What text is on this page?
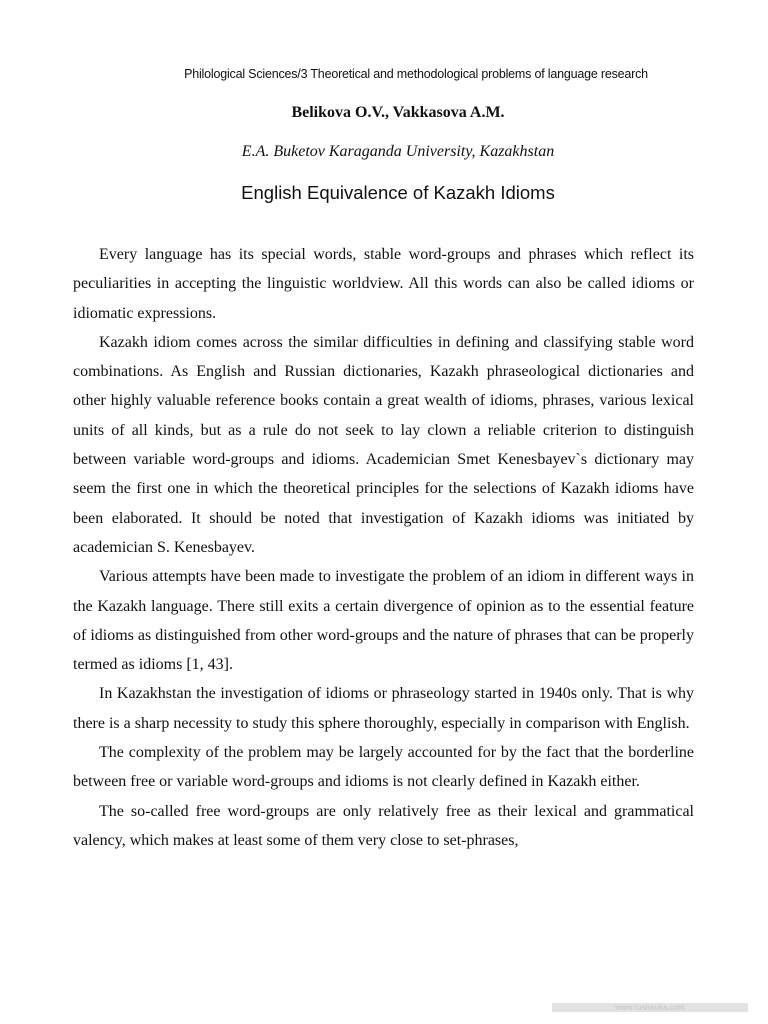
Philological Sciences/3 Theoretical and methodological problems of language research
Belikova O.V., Vakkasova A.M.
E.A. Buketov Karaganda University, Kazakhstan
English Equivalence of Kazakh Idioms

Every language has its special words, stable word-groups and phrases which reflect its peculiarities in accepting the linguistic worldview. All this words can also be called idioms or idiomatic expressions.

Kazakh idiom comes across the similar difficulties in defining and classifying stable word combinations. As English and Russian dictionaries, Kazakh phraseological dictionaries and other highly valuable reference books contain a great wealth of idioms, phrases, various lexical units of all kinds, but as a rule do not seek to lay clown a reliable criterion to distinguish between variable word-groups and idioms. Academician Smet Kenesbayev`s dictionary may seem the first one in which the theoretical principles for the selections of Kazakh idioms have been elaborated. It should be noted that investigation of Kazakh idioms was initiated by academician S. Kenesbayev.

Various attempts have been made to investigate the problem of an idiom in different ways in the Kazakh language. There still exits a certain divergence of opinion as to the essential feature of idioms as distinguished from other word-groups and the nature of phrases that can be properly termed as idioms [1, 43].

In Kazakhstan the investigation of idioms or phraseology started in 1940s only. That is why there is a sharp necessity to study this sphere thoroughly, especially in comparison with English.

The complexity of the problem may be largely accounted for by the fact that the borderline between free or variable word-groups and idioms is not clearly defined in Kazakh either.

The so-called free word-groups are only relatively free as their lexical and grammatical valency, which makes at least some of them very close to set-phrases,

www.rusnauka.com
